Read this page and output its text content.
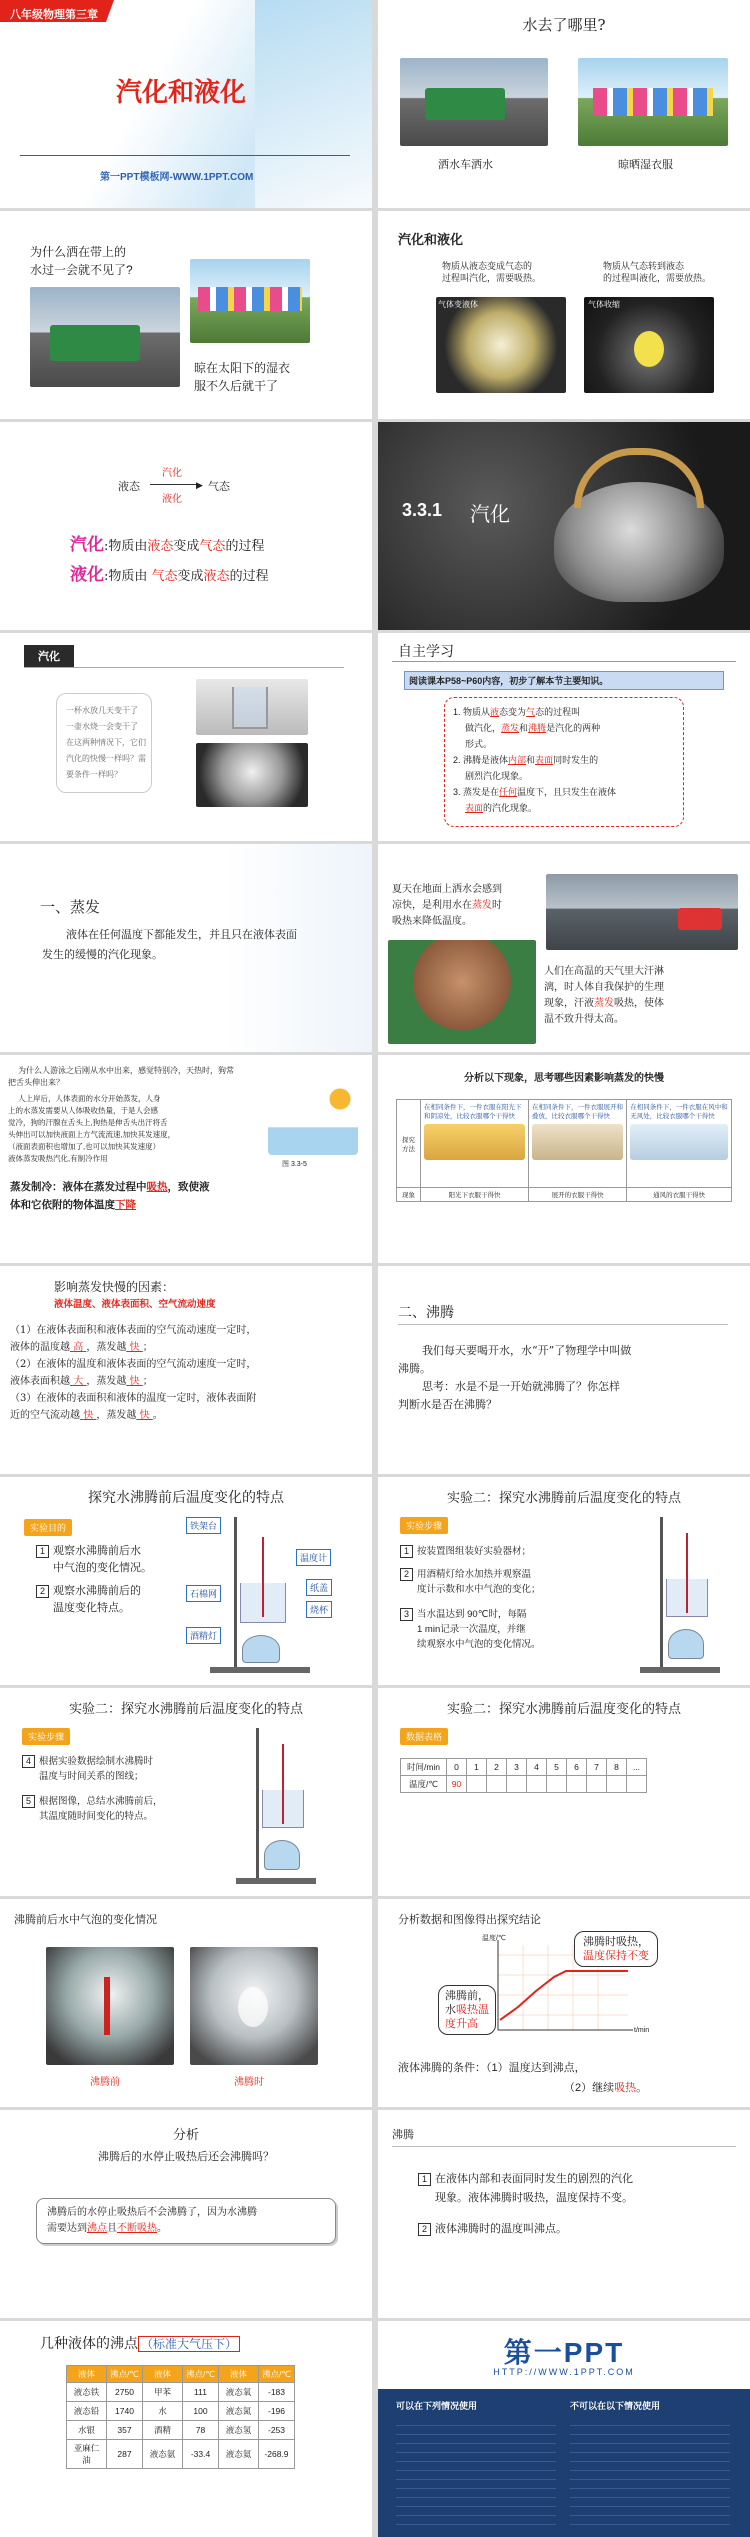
八年级物理第三章
汽化和液化
第一PPT模板网-WWW.1PPT.COM
水去了哪里?
洒水车洒水	晾晒湿衣服
为什么洒在带上的
水过一会就不见了?
晾在太阳下的湿衣
服不久后就干了
汽化和液化
物质从液态变成气态的
过程叫汽化，需要吸热。
物质从气态转到液态
的过程叫液化，需要放热。
气体变液体	气体收缩
液态
汽化
▶
液化
气态
汽化:物质由液态变成气态的过程
液化:物质由 气态变成液态的过程
3.3.1 汽化
汽化
一杯水放几天变干了
一壶水烧一会变干了
在这两种情况下，它们
汽化的快慢一样吗？需
要条件一样吗？
自主学习
阅读课本P58~P60内容，初步了解本节主要知识。
1. 物质从液态变为气态的过程叫
做汽化，蒸发和沸腾是汽化的两种
形式。
2. 沸腾是液体内部和表面同时发生的
剧烈汽化现象。
3. 蒸发是在任何温度下，且只发生在液体
表面的汽化现象。
一、蒸发
液体在任何温度下都能发生，并且只在液体表面
发生的缓慢的汽化现象。
夏天在地面上洒水会感到
凉快，是利用水在蒸发时
吸热来降低温度。
人们在高温的天气里大汗淋
漓，时人体自我保护的生理
现象，汗液蒸发吸热，使体
温不致升得太高。
为什么人游泳之后刚从水中出来，感觉特别冷，天热时，狗常
把舌头伸出来？
人上岸后，人体表面的水分开始蒸发，人身
上的水蒸发需要从人体吸收热量，于是人会感
觉冷，狗的汗腺在舌头上,狗热是伸舌头出汗将舌
头伸出可以加快液面上方气流流速,加快其发速度，
（液面表面积也增加了,也可以加快其发速度）
液体蒸发吸热汽化,有制冷作用
图 3.3-5
蒸发制冷：液体在蒸发过程中吸热，致使液
体和它依附的物体温度下降
分析以下现象，思考哪些因素影响蒸发的快慢
探究方法	在相同条件下，一件衣服在阳光下和阴凉处，比较衣服哪个干得快	在相同条件下，一件衣服展开和叠放，比较衣服哪个干得快	在相同条件下，一件衣服在风中和无风处，比较衣服哪个干得快

现象	阳光下衣服干得快	展开的衣服干得快	通风的衣服干得快
影响蒸发快慢的因素：
液体温度、液体表面积、空气流动速度
（1）在液体表面积和液体表面的空气流动速度一定时，
液体的温度越 高 ，蒸发越 快 ；
（2）在液体的温度和液体表面的空气流动速度一定时，
液体表面积越 大 ，蒸发越 快 ；
（3）在液体的表面积和液体的温度一定时，液体表面附
近的空气流动越 快 ，蒸发越 快 。
二、沸腾
我们每天要喝开水，水“开”了物理学中叫做
沸腾。
思考：水是不是一开始就沸腾了？你怎样
判断水是否在沸腾？
探究水沸腾前后温度变化的特点
实验目的
1 观察水沸腾前后水
中气泡的变化情况。
2 观察水沸腾前后的
温度变化特点。
铁架台
温度计
石棉网
纸盖
烧杯
酒精灯
实验二：探究水沸腾前后温度变化的特点
实验步骤
1 按装置图组装好实验器材；
2 用酒精灯给水加热并观察温
度计示数和水中气泡的变化；
3 当水温达到 90℃时，每隔
1 min记录一次温度，并继
续观察水中气泡的变化情况。
实验二：探究水沸腾前后温度变化的特点
实验步骤
4 根据实验数据绘制水沸腾时
温度与时间关系的图线；
5 根据图像，总结水沸腾前后，
其温度随时间变化的特点。
实验二：探究水沸腾前后温度变化的特点
数据表格
时间/min	0	1	2	3	4	5	6	7	8	...
温度/℃	90									
沸腾前后水中气泡的变化情况
沸腾前	沸腾时
分析数据和图像得出探究结论
温度/℃
t/min
沸腾时吸热，
温度保持不变
沸腾前，
水吸热温
度升高
液体沸腾的条件：（1）温度达到沸点，
（2）继续吸热。
分析
沸腾后的水停止吸热后还会沸腾吗？
沸腾后的水停止吸热后不会沸腾了，因为水沸腾
需要达到沸点且不断吸热。
沸腾
1 在液体内部和表面同时发生的剧烈的汽化
现象。液体沸腾时吸热，温度保持不变。
2 液体沸腾时的温度叫沸点。
几种液体的沸点 （标准大气压下）
液体	沸点/℃	液体	沸点/℃	液体	沸点/℃
液态铁	2750	甲苯	111	液态氧	-183
液态铅	1740	水	100	液态氮	-196
水银	357	酒精	78	液态氢	-253
亚麻仁油	287	液态氨	-33.4	液态氦	-268.9
第一PPT
HTTP://WWW.1PPT.COM
可以在下列情况使用	不可以在以下情况使用
